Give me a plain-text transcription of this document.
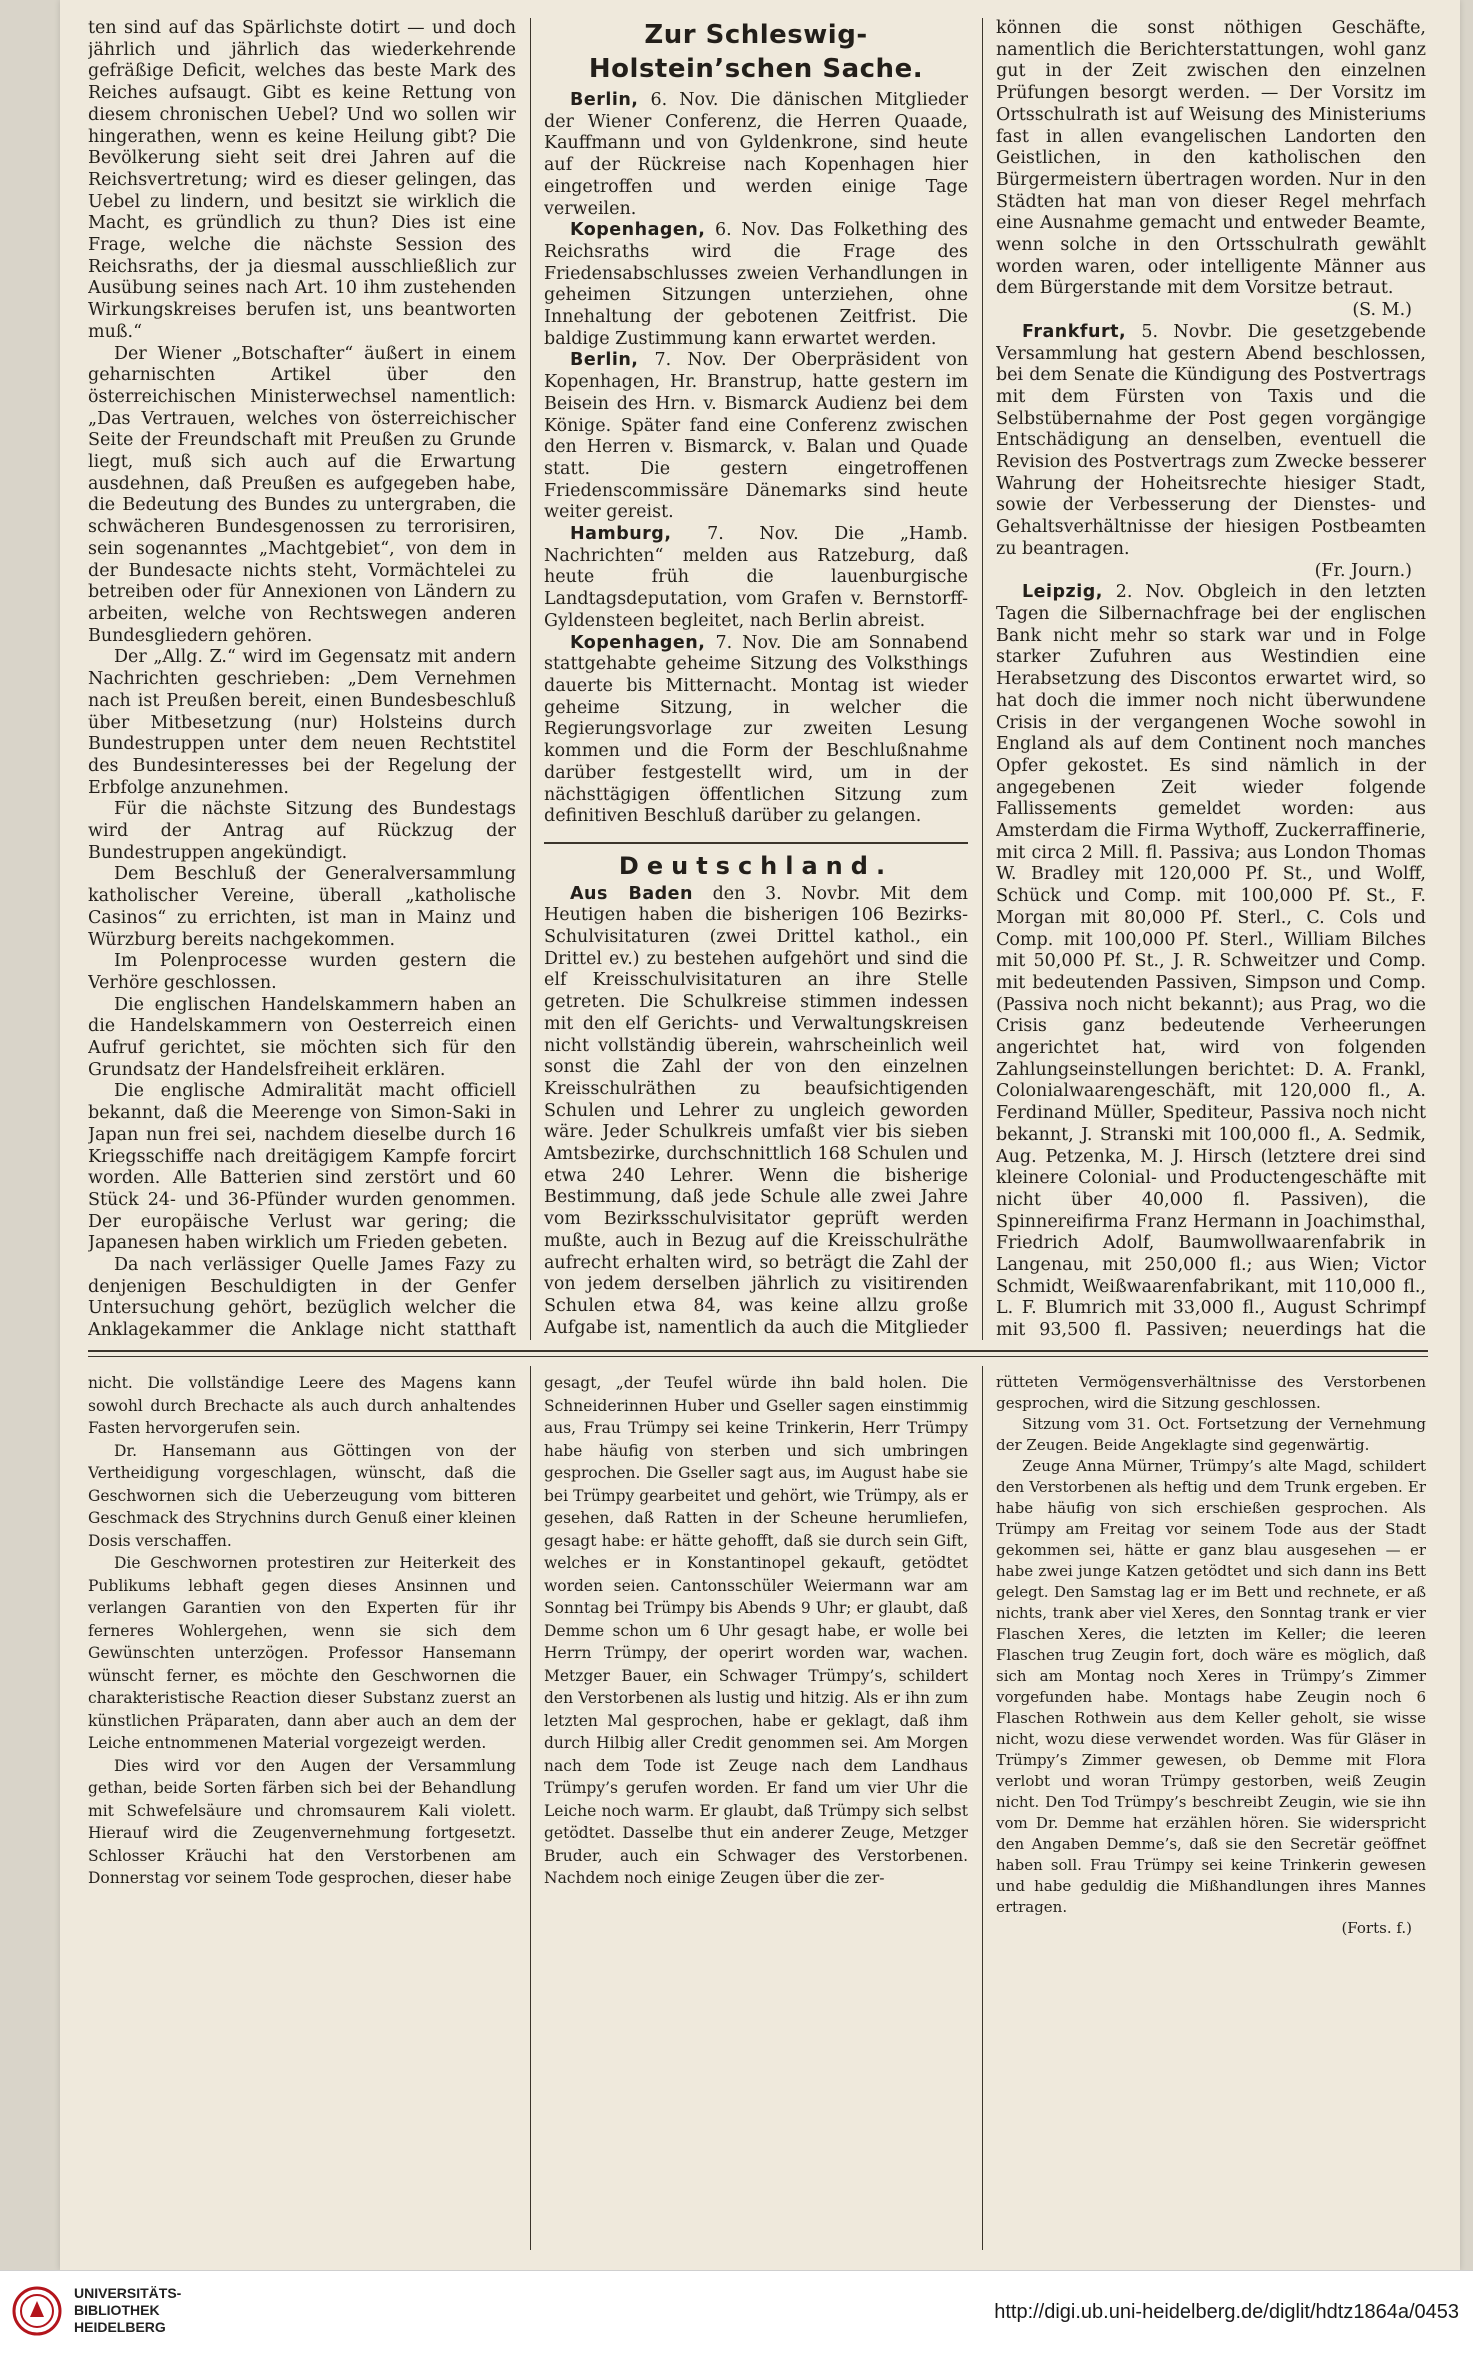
ten sind auf das Spärlichste dotirt — und doch jährlich und jährlich das wiederkehrende gefräßige Deficit, welches das beste Mark des Reiches aufsaugt. Gibt es keine Rettung von diesem chronischen Uebel? Und wo sollen wir hingerathen, wenn es keine Heilung gibt? Die Bevölkerung sieht seit drei Jahren auf die Reichsvertretung; wird es dieser gelingen, das Uebel zu lindern, und besitzt sie wirklich die Macht, es gründlich zu thun? Dies ist eine Frage, welche die nächste Session des Reichsraths, der ja diesmal ausschließlich zur Ausübung seines nach Art. 10 ihm zustehenden Wirkungskreises berufen ist, uns beantworten muß.“

Der Wiener „Botschafter“ äußert in einem geharnischten Artikel über den österreichischen Ministerwechsel namentlich: „Das Vertrauen, welches von österreichischer Seite der Freundschaft mit Preußen zu Grunde liegt, muß sich auch auf die Erwartung ausdehnen, daß Preußen es aufgegeben habe, die Bedeutung des Bundes zu untergraben, die schwächeren Bundesgenossen zu terrorisiren, sein sogenanntes „Machtgebiet“, von dem in der Bundesacte nichts steht, Vormächtelei zu betreiben oder für Annexionen von Ländern zu arbeiten, welche von Rechtswegen anderen Bundesgliedern gehören.

Der „Allg. Z.“ wird im Gegensatz mit andern Nachrichten geschrieben: „Dem Vernehmen nach ist Preußen bereit, einen Bundesbeschluß über Mitbesetzung (nur) Holsteins durch Bundestruppen unter dem neuen Rechtstitel des Bundesinteresses bei der Regelung der Erbfolge anzunehmen.

Für die nächste Sitzung des Bundestags wird der Antrag auf Rückzug der Bundestruppen angekündigt.

Dem Beschluß der Generalversammlung katholischer Vereine, überall „katholische Casinos“ zu errichten, ist man in Mainz und Würzburg bereits nachgekommen.

Im Polenprocesse wurden gestern die Verhöre geschlossen.

Die englischen Handelskammern haben an die Handelskammern von Oesterreich einen Aufruf gerichtet, sie möchten sich für den Grundsatz der Handelsfreiheit erklären.

Die englische Admiralität macht officiell bekannt, daß die Meerenge von Simon-Saki in Japan nun frei sei, nachdem dieselbe durch 16 Kriegsschiffe nach dreitägigem Kampfe forcirt worden. Alle Batterien sind zerstört und 60 Stück 24- und 36-Pfünder wurden genommen. Der europäische Verlust war gering; die Japanesen haben wirklich um Frieden gebeten.

Da nach verlässiger Quelle James Fazy zu denjenigen Beschuldigten in der Genfer Untersuchung gehört, bezüglich welcher die Anklagekammer die Anklage nicht statthaft

Zur Schleswig-Holstein’schen Sache.

Berlin, 6. Nov. Die dänischen Mitglieder der Wiener Conferenz, die Herren Quaade, Kauffmann und von Gyldenkrone, sind heute auf der Rückreise nach Kopenhagen hier eingetroffen und werden einige Tage verweilen.

Kopenhagen, 6. Nov. Das Folkething des Reichsraths wird die Frage des Friedensabschlusses zweien Verhandlungen in geheimen Sitzungen unterziehen, ohne Innehaltung der gebotenen Zeitfrist. Die baldige Zustimmung kann erwartet werden.

Berlin, 7. Nov. Der Oberpräsident von Kopenhagen, Hr. Branstrup, hatte gestern im Beisein des Hrn. v. Bismarck Audienz bei dem Könige. Später fand eine Conferenz zwischen den Herren v. Bismarck, v. Balan und Quade statt. Die gestern eingetroffenen Friedenscommissäre Dänemarks sind heute weiter gereist.

Hamburg, 7. Nov. Die „Hamb. Nachrichten“ melden aus Ratzeburg, daß heute früh die lauenburgische Landtagsdeputation, vom Grafen v. Bernstorff-Gyldensteen begleitet, nach Berlin abreist.

Kopenhagen, 7. Nov. Die am Sonnabend stattgehabte geheime Sitzung des Volksthings dauerte bis Mitternacht. Montag ist wieder geheime Sitzung, in welcher die Regierungsvorlage zur zweiten Lesung kommen und die Form der Beschlußnahme darüber festgestellt wird, um in der nächsttägigen öffentlichen Sitzung zum definitiven Beschluß darüber zu gelangen.

Deutschland.

Aus Baden den 3. Novbr. Mit dem Heutigen haben die bisherigen 106 Bezirks-Schulvisitaturen (zwei Drittel kathol., ein Drittel ev.) zu bestehen aufgehört und sind die elf Kreisschulvisitaturen an ihre Stelle getreten. Die Schulkreise stimmen indessen mit den elf Gerichts- und Verwaltungskreisen nicht vollständig überein, wahrscheinlich weil sonst die Zahl der von den einzelnen Kreisschulräthen zu beaufsichtigenden Schulen und Lehrer zu ungleich geworden wäre. Jeder Schulkreis umfaßt vier bis sieben Amtsbezirke, durchschnittlich 168 Schulen und etwa 240 Lehrer. Wenn die bisherige Bestimmung, daß jede Schule alle zwei Jahre vom Bezirksschulvisitator geprüft werden mußte, auch in Bezug auf die Kreisschulräthe aufrecht erhalten wird, so beträgt die Zahl der von jedem derselben jährlich zu visitirenden Schulen etwa 84, was keine allzu große Aufgabe ist, namentlich da auch die Mitglieder

können die sonst nöthigen Geschäfte, namentlich die Berichterstattungen, wohl ganz gut in der Zeit zwischen den einzelnen Prüfungen besorgt werden. — Der Vorsitz im Ortsschulrath ist auf Weisung des Ministeriums fast in allen evangelischen Landorten den Geistlichen, in den katholischen den Bürgermeistern übertragen worden. Nur in den Städten hat man von dieser Regel mehrfach eine Ausnahme gemacht und entweder Beamte, wenn solche in den Ortsschulrath gewählt worden waren, oder intelligente Männer aus dem Bürgerstande mit dem Vorsitze betraut.

(S. M.)

Frankfurt, 5. Novbr. Die gesetzgebende Versammlung hat gestern Abend beschlossen, bei dem Senate die Kündigung des Postvertrags mit dem Fürsten von Taxis und die Selbstübernahme der Post gegen vorgängige Entschädigung an denselben, eventuell die Revision des Postvertrags zum Zwecke besserer Wahrung der Hoheitsrechte hiesiger Stadt, sowie der Verbesserung der Dienstes- und Gehaltsverhältnisse der hiesigen Postbeamten zu beantragen.

(Fr. Journ.)

Leipzig, 2. Nov. Obgleich in den letzten Tagen die Silbernachfrage bei der englischen Bank nicht mehr so stark war und in Folge starker Zufuhren aus Westindien eine Herabsetzung des Discontos erwartet wird, so hat doch die immer noch nicht überwundene Crisis in der vergangenen Woche sowohl in England als auf dem Continent noch manches Opfer gekostet. Es sind nämlich in der angegebenen Zeit wieder folgende Fallissements gemeldet worden: aus Amsterdam die Firma Wythoff, Zuckerraffinerie, mit circa 2 Mill. fl. Passiva; aus London Thomas W. Bradley mit 120,000 Pf. St., und Wolff, Schück und Comp. mit 100,000 Pf. St., F. Morgan mit 80,000 Pf. Sterl., C. Cols und Comp. mit 100,000 Pf. Sterl., William Bilches mit 50,000 Pf. St., J. R. Schweitzer und Comp. mit bedeutenden Passiven, Simpson und Comp. (Passiva noch nicht bekannt); aus Prag, wo die Crisis ganz bedeutende Verheerungen angerichtet hat, wird von folgenden Zahlungseinstellungen berichtet: D. A. Frankl, Colonialwaarengeschäft, mit 120,000 fl., A. Ferdinand Müller, Spediteur, Passiva noch nicht bekannt, J. Stranski mit 100,000 fl., A. Sedmik, Aug. Petzenka, M. J. Hirsch (letztere drei sind kleinere Colonial- und Productengeschäfte mit nicht über 40,000 fl. Passiven), die Spinnereifirma Franz Hermann in Joachimsthal, Friedrich Adolf, Baumwollwaarenfabrik in Langenau, mit 250,000 fl.; aus Wien; Victor Schmidt, Weißwaarenfabrikant, mit 110,000 fl., L. F. Blumrich mit 33,000 fl., August Schrimpf mit 93,500 fl. Passiven; neuerdings hat die

nicht. Die vollständige Leere des Magens kann sowohl durch Brechacte als auch durch anhaltendes Fasten hervorgerufen sein.

Dr. Hansemann aus Göttingen von der Vertheidigung vorgeschlagen, wünscht, daß die Geschwornen sich die Ueberzeugung vom bitteren Geschmack des Strychnins durch Genuß einer kleinen Dosis verschaffen.

Die Geschwornen protestiren zur Heiterkeit des Publikums lebhaft gegen dieses Ansinnen und verlangen Garantien von den Experten für ihr ferneres Wohlergehen, wenn sie sich dem Gewünschten unterzögen. Professor Hansemann wünscht ferner, es möchte den Geschwornen die charakteristische Reaction dieser Substanz zuerst an künstlichen Präparaten, dann aber auch an dem der Leiche entnommenen Material vorgezeigt werden.

Dies wird vor den Augen der Versammlung gethan, beide Sorten färben sich bei der Behandlung mit Schwefelsäure und chromsaurem Kali violett. Hierauf wird die Zeugenvernehmung fortgesetzt. Schlosser Kräuchi hat den Verstorbenen am Donnerstag vor seinem Tode gesprochen, dieser habe

gesagt, „der Teufel würde ihn bald holen. Die Schneiderinnen Huber und Gseller sagen einstimmig aus, Frau Trümpy sei keine Trinkerin, Herr Trümpy habe häufig von sterben und sich umbringen gesprochen. Die Gseller sagt aus, im August habe sie bei Trümpy gearbeitet und gehört, wie Trümpy, als er gesehen, daß Ratten in der Scheune herumliefen, gesagt habe: er hätte gehofft, daß sie durch sein Gift, welches er in Konstantinopel gekauft, getödtet worden seien. Cantonsschüler Weiermann war am Sonntag bei Trümpy bis Abends 9 Uhr; er glaubt, daß Demme schon um 6 Uhr gesagt habe, er wolle bei Herrn Trümpy, der operirt worden war, wachen. Metzger Bauer, ein Schwager Trümpy’s, schildert den Verstorbenen als lustig und hitzig. Als er ihn zum letzten Mal gesprochen, habe er geklagt, daß ihm durch Hilbig aller Credit genommen sei. Am Morgen nach dem Tode ist Zeuge nach dem Landhaus Trümpy’s gerufen worden. Er fand um vier Uhr die Leiche noch warm. Er glaubt, daß Trümpy sich selbst getödtet. Dasselbe thut ein anderer Zeuge, Metzger Bruder, auch ein Schwager des Verstorbenen. Nachdem noch einige Zeugen über die zer-

rütteten Vermögensverhältnisse des Verstorbenen gesprochen, wird die Sitzung geschlossen.

Sitzung vom 31. Oct. Fortsetzung der Vernehmung der Zeugen. Beide Angeklagte sind gegenwärtig.

Zeuge Anna Mürner, Trümpy’s alte Magd, schildert den Verstorbenen als heftig und dem Trunk ergeben. Er habe häufig von sich erschießen gesprochen. Als Trümpy am Freitag vor seinem Tode aus der Stadt gekommen sei, hätte er ganz blau ausgesehen — er habe zwei junge Katzen getödtet und sich dann ins Bett gelegt. Den Samstag lag er im Bett und rechnete, er aß nichts, trank aber viel Xeres, den Sonntag trank er vier Flaschen Xeres, die letzten im Keller; die leeren Flaschen trug Zeugin fort, doch wäre es möglich, daß sich am Montag noch Xeres in Trümpy’s Zimmer vorgefunden habe. Montags habe Zeugin noch 6 Flaschen Rothwein aus dem Keller geholt, sie wisse nicht, wozu diese verwendet worden. Was für Gläser in Trümpy’s Zimmer gewesen, ob Demme mit Flora verlobt und woran Trümpy gestorben, weiß Zeugin nicht. Den Tod Trümpy’s beschreibt Zeugin, wie sie ihn vom Dr. Demme hat erzählen hören. Sie widerspricht den Angaben Demme’s, daß sie den Secretär geöffnet haben soll. Frau Trümpy sei keine Trinkerin gewesen und habe geduldig die Mißhandlungen ihres Mannes ertragen.

(Forts. f.)
UNIVERSITÄTS-
BIBLIOTHEK
HEIDELBERG
http://digi.ub.uni-heidelberg.de/diglit/hdtz1864a/0453
